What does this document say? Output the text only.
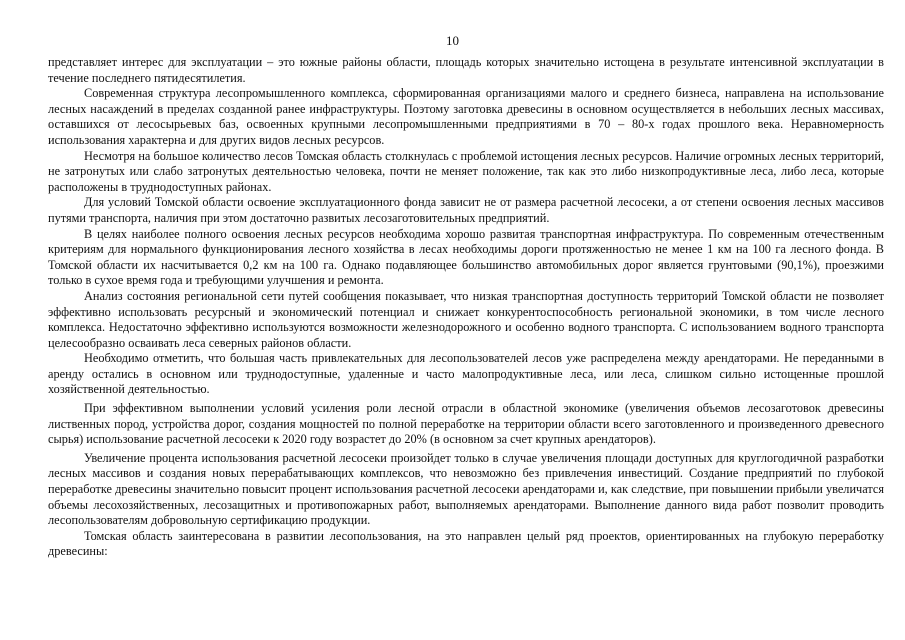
10

представляет интерес для эксплуатации – это южные районы области, площадь которых значительно истощена в результате интенсивной эксплуатации в течение последнего пятидесятилетия.

Современная структура лесопромышленного комплекса, сформированная организациями малого и среднего бизнеса, направлена на использование лесных насаждений в пределах созданной ранее инфраструктуры. Поэтому заготовка древесины в основном осуществляется в небольших лесных массивах, оставшихся от лесосырьевых баз, освоенных крупными лесопромышленными предприятиями в 70 – 80-х годах прошлого века. Неравномерность использования характерна и для других видов лесных ресурсов.

Несмотря на большое количество лесов Томская область столкнулась с проблемой истощения лесных ресурсов. Наличие огромных лесных территорий, не затронутых или слабо затронутых деятельностью человека, почти не меняет положение, так как это либо низкопродуктивные леса, либо леса, которые расположены в труднодоступных районах.

Для условий Томской области освоение эксплуатационного фонда зависит не от размера расчетной лесосеки, а от степени освоения лесных массивов путями транспорта, наличия при этом достаточно развитых лесозаготовительных предприятий.

В целях наиболее полного освоения лесных ресурсов необходима хорошо развитая транспортная инфраструктура. По современным отечественным критериям для нормального функционирования лесного хозяйства в лесах необходимы дороги протяженностью не менее 1 км на 100 га лесного фонда. В Томской области их насчитывается 0,2 км на 100 га. Однако подавляющее большинство автомобильных дорог является грунтовыми (90,1%), проезжими только в сухое время года и требующими улучшения и ремонта.

Анализ состояния региональной сети путей сообщения показывает, что низкая транспортная доступность территорий Томской области не позволяет эффективно использовать ресурсный и экономический потенциал и снижает конкурентоспособность региональной экономики, в том числе лесного комплекса. Недостаточно эффективно используются возможности железнодорожного и особенно водного транспорта. С использованием водного транспорта целесообразно осваивать леса северных районов области.

Необходимо отметить, что большая часть привлекательных для лесопользователей лесов уже распределена между арендаторами. Не переданными в аренду остались в основном или труднодоступные, удаленные и часто малопродуктивные леса, или леса, слишком сильно истощенные прошлой хозяйственной деятельностью.

При эффективном выполнении условий усиления роли лесной отрасли в областной экономике (увеличения объемов лесозаготовок древесины лиственных пород, устройства дорог, создания мощностей по полной переработке на территории области всего заготовленного и произведенного древесного сырья) использование расчетной лесосеки к 2020 году возрастет до 20% (в основном за счет крупных арендаторов).

Увеличение процента использования расчетной лесосеки произойдет только в случае увеличения площади доступных для круглогодичной разработки лесных массивов и создания новых перерабатывающих комплексов, что невозможно без привлечения инвестиций. Создание предприятий по глубокой переработке древесины значительно повысит процент использования расчетной лесосеки арендаторами и, как следствие, при повышении прибыли увеличатся объемы лесохозяйственных, лесозащитных и противопожарных работ, выполняемых арендаторами. Выполнение данного вида работ позволит проводить лесопользователям добровольную сертификацию продукции.

Томская область заинтересована в развитии лесопользования, на это направлен целый ряд проектов, ориентированных на глубокую переработку древесины:
